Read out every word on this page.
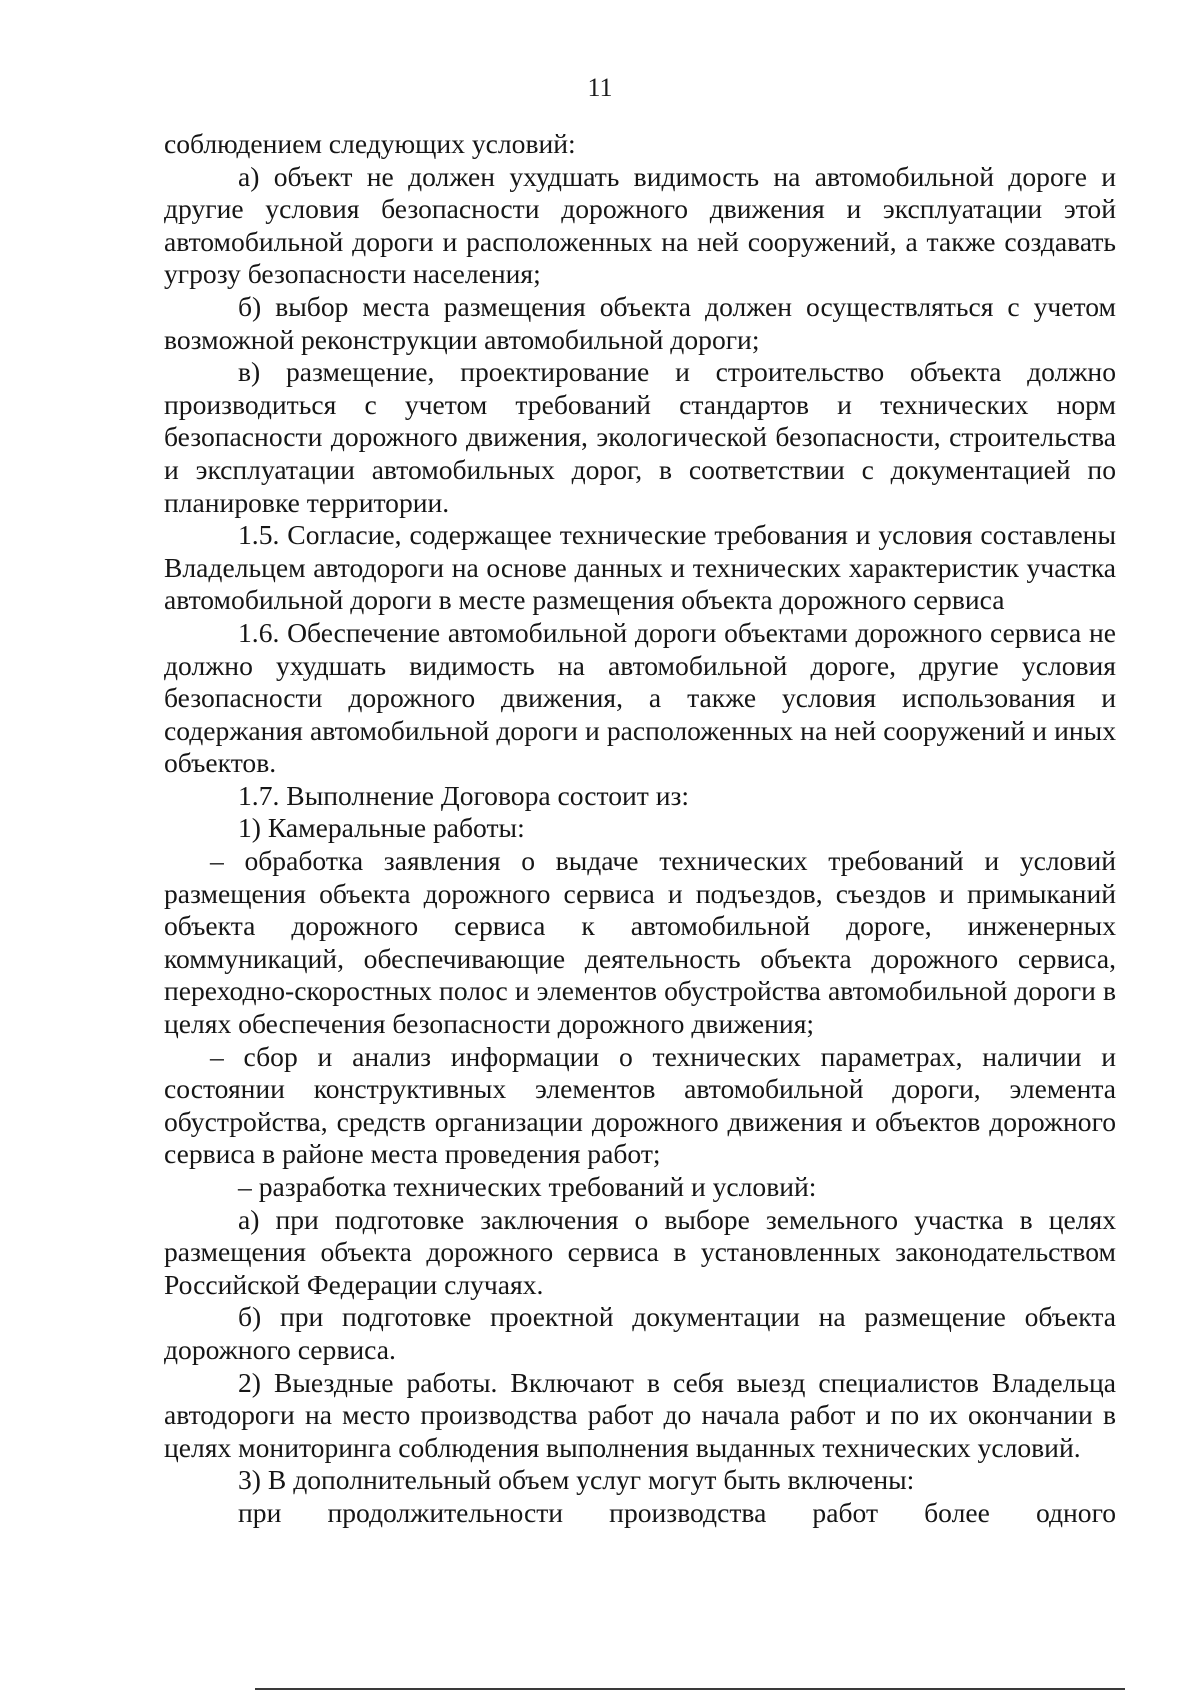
11

соблюдением следующих условий:

а) объект не должен ухудшать видимость на автомобильной дороге и другие условия безопасности дорожного движения и эксплуатации этой автомобильной дороги и расположенных на ней сооружений, а также создавать угрозу безопасности населения;

б) выбор места размещения объекта должен осуществляться с учетом возможной реконструкции автомобильной дороги;

в) размещение, проектирование и строительство объекта должно производиться с учетом требований стандартов и технических норм безопасности дорожного движения, экологической безопасности, строительства и эксплуатации автомобильных дорог, в соответствии с документацией по планировке территории.

1.5. Согласие, содержащее технические требования и условия составлены Владельцем автодороги на основе данных и технических характеристик участка автомобильной дороги в месте размещения объекта дорожного сервиса

1.6. Обеспечение автомобильной дороги объектами дорожного сервиса не должно ухудшать видимость на автомобильной дороге, другие условия безопасности дорожного движения, а также условия использования и содержания автомобильной дороги и расположенных на ней сооружений и иных объектов.

1.7. Выполнение Договора состоит из:

1) Камеральные работы:

– обработка заявления о выдаче технических требований и условий размещения объекта дорожного сервиса и подъездов, съездов и примыканий объекта дорожного сервиса к автомобильной дороге, инженерных коммуникаций, обеспечивающие деятельность объекта дорожного сервиса, переходно-скоростных полос и элементов обустройства автомобильной дороги в целях обеспечения безопасности дорожного движения;

– сбор и анализ информации о технических параметрах, наличии и состоянии конструктивных элементов автомобильной дороги, элемента обустройства, средств организации дорожного движения и объектов дорожного сервиса в районе места проведения работ;

– разработка технических требований и условий:

а) при подготовке заключения о выборе земельного участка в целях размещения объекта дорожного сервиса в установленных законодательством Российской Федерации случаях.

б) при подготовке проектной документации на размещение объекта дорожного сервиса.

2) Выездные работы. Включают в себя выезд специалистов Владельца автодороги на место производства работ до начала работ и по их окончании в целях мониторинга соблюдения выполнения выданных технических условий.

3) В дополнительный объем услуг могут быть включены:

при продолжительности производства работ более одного
